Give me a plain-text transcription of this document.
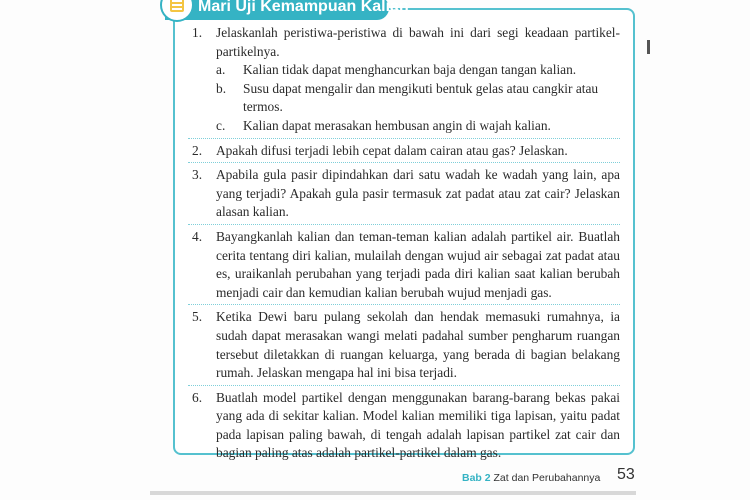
Mari Uji Kemampuan Kalian
1. Jelaskanlah peristiwa-peristiwa di bawah ini dari segi keadaan partikel-partikelnya.
a. Kalian tidak dapat menghancurkan baja dengan tangan kalian.
b. Susu dapat mengalir dan mengikuti bentuk gelas atau cangkir atau termos.
c. Kalian dapat merasakan hembusan angin di wajah kalian.
2. Apakah difusi terjadi lebih cepat dalam cairan atau gas? Jelaskan.
3. Apabila gula pasir dipindahkan dari satu wadah ke wadah yang lain, apa yang terjadi? Apakah gula pasir termasuk zat padat atau zat cair? Jelaskan alasan kalian.
4. Bayangkanlah kalian dan teman-teman kalian adalah partikel air. Buatlah cerita tentang diri kalian, mulailah dengan wujud air sebagai zat padat atau es, uraikanlah perubahan yang terjadi pada diri kalian saat kalian berubah menjadi cair dan kemudian kalian berubah wujud menjadi gas.
5. Ketika Dewi baru pulang sekolah dan hendak memasuki rumahnya, ia sudah dapat merasakan wangi melati padahal sumber pengharum ruangan tersebut diletakkan di ruangan keluarga, yang berada di bagian belakang rumah. Jelaskan mengapa hal ini bisa terjadi.
6. Buatlah model partikel dengan menggunakan barang-barang bekas pakai yang ada di sekitar kalian. Model kalian memiliki tiga lapisan, yaitu padat pada lapisan paling bawah, di tengah adalah lapisan partikel zat cair dan bagian paling atas adalah partikel-partikel dalam gas.
Bab 2 Zat dan Perubahannya 53
